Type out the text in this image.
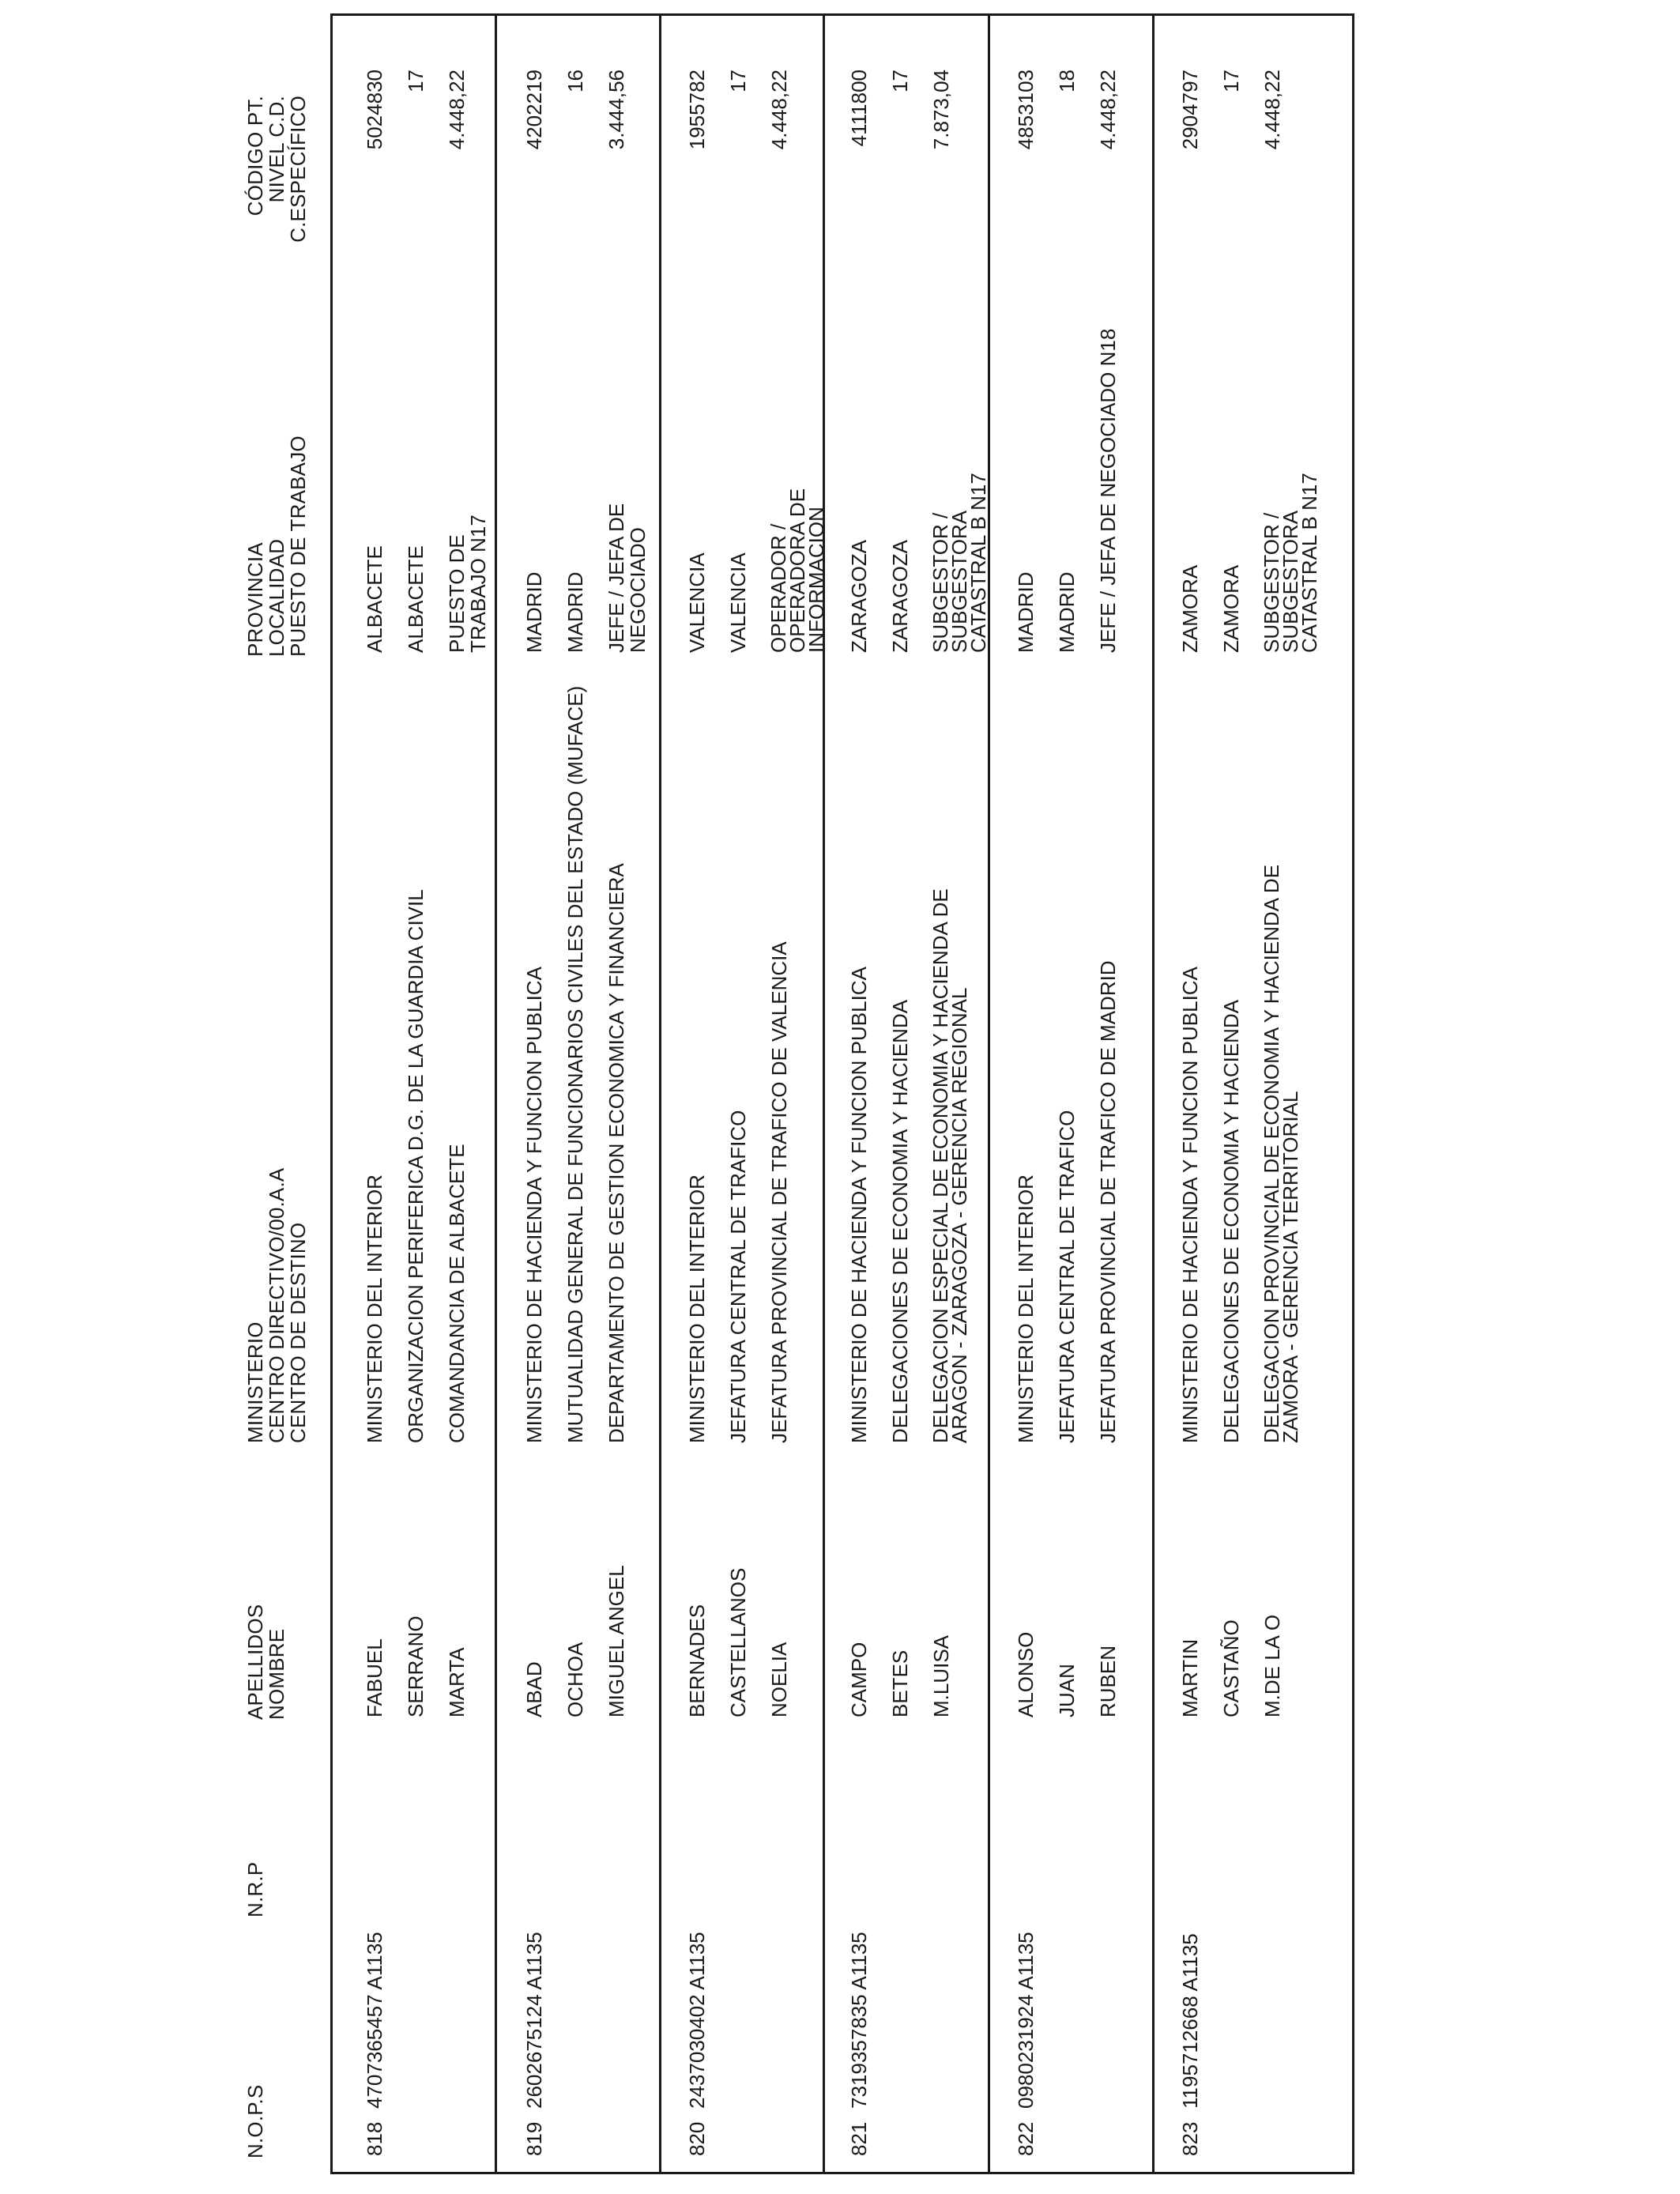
N.O.P.S
N.R.P
APELLIDOS
NOMBRE
MINISTERIO
CENTRO DIRECTIVO/00.A.A
CENTRO DE DESTINO
PROVINCIA
LOCALIDAD
PUESTO DE TRABAJO
CÓDIGO PT.
NIVEL C.D.
C.ESPECÍFICO
818
4707365457 A1135
FABUEL SERRANO MARTA
MINISTERIO DEL INTERIOR ORGANIZACION PERIFERICA D.G. DE LA GUARDIA CIVIL COMANDANCIA DE ALBACETE
ALBACETE ALBACETE PUESTO DE TRABAJO N17
5024830 17 4.448,22
819
2602675124 A1135
ABAD OCHOA MIGUEL ANGEL
MINISTERIO DE HACIENDA Y FUNCION PUBLICA MUTUALIDAD GENERAL DE FUNCIONARIOS CIVILES DEL ESTADO (MUFACE) DEPARTAMENTO DE GESTION ECONOMICA Y FINANCIERA
MADRID MADRID JEFE / JEFA DE NEGOCIADO
4202219 16 3.444,56
820
2437030402 A1135
BERNADES CASTELLANOS NOELIA
MINISTERIO DEL INTERIOR JEFATURA CENTRAL DE TRAFICO JEFATURA PROVINCIAL DE TRAFICO DE VALENCIA
VALENCIA VALENCIA OPERADOR / OPERADORA DE INFORMACION
1955782 17 4.448,22
821
7319357835 A1135
CAMPO BETES M.LUISA
MINISTERIO DE HACIENDA Y FUNCION PUBLICA DELEGACIONES DE ECONOMIA Y HACIENDA DELEGACION ESPECIAL DE ECONOMIA Y HACIENDA DE ARAGON - ZARAGOZA - GERENCIA REGIONAL
ZARAGOZA ZARAGOZA SUBGESTOR / SUBGESTORA CATASTRAL B N17
4111800 17 7.873,04
822
0980231924 A1135
ALONSO JUAN RUBEN
MINISTERIO DEL INTERIOR JEFATURA CENTRAL DE TRAFICO JEFATURA PROVINCIAL DE TRAFICO DE MADRID
MADRID MADRID JEFE / JEFA DE NEGOCIADO N18
4853103 18 4.448,22
823
1195712668 A1135
MARTIN CASTAÑO M.DE LA O
MINISTERIO DE HACIENDA Y FUNCION PUBLICA DELEGACIONES DE ECONOMIA Y HACIENDA DELEGACION PROVINCIAL DE ECONOMIA Y HACIENDA DE ZAMORA - GERENCIA TERRITORIAL
ZAMORA ZAMORA SUBGESTOR / SUBGESTORA CATASTRAL B N17
2904797 17 4.448,22
